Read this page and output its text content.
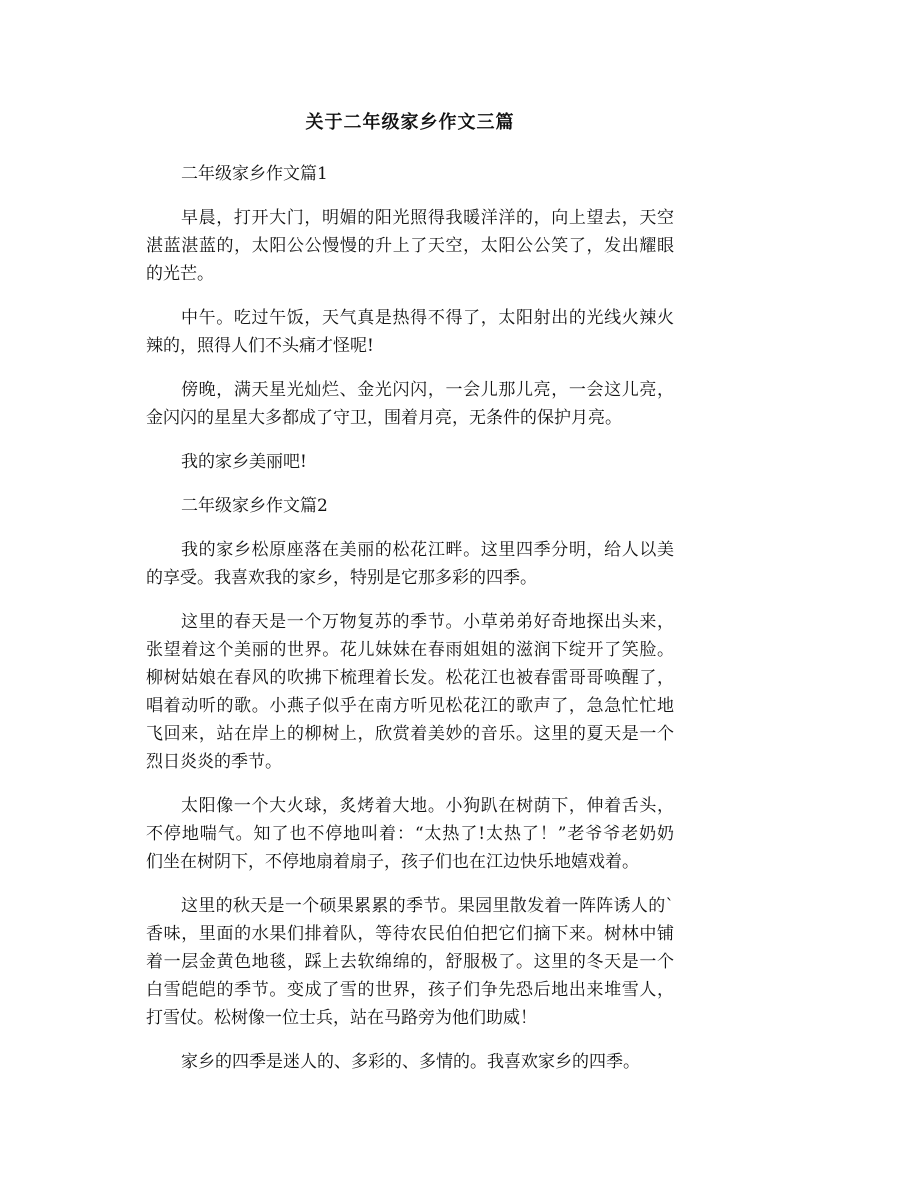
关于二年级家乡作文三篇
二年级家乡作文篇1
早晨，打开大门，明媚的阳光照得我暖洋洋的，向上望去，天空
湛蓝湛蓝的，太阳公公慢慢的升上了天空，太阳公公笑了，发出耀眼
的光芒。
中午。吃过午饭，天气真是热得不得了，太阳射出的光线火辣火
辣的，照得人们不头痛才怪呢!
傍晚，满天星光灿烂、金光闪闪，一会儿那儿亮，一会这儿亮，
金闪闪的星星大多都成了守卫，围着月亮，无条件的保护月亮。
我的家乡美丽吧!
二年级家乡作文篇2
我的家乡松原座落在美丽的松花江畔。这里四季分明，给人以美
的享受。我喜欢我的家乡，特别是它那多彩的四季。
这里的春天是一个万物复苏的季节。小草弟弟好奇地探出头来，
张望着这个美丽的世界。花儿妹妹在春雨姐姐的滋润下绽开了笑脸。
柳树姑娘在春风的吹拂下梳理着长发。松花江也被春雷哥哥唤醒了，
唱着动听的歌。小燕子似乎在南方听见松花江的歌声了，急急忙忙地
飞回来，站在岸上的柳树上，欣赏着美妙的音乐。这里的夏天是一个
烈日炎炎的季节。
太阳像一个大火球，炙烤着大地。小狗趴在树荫下，伸着舌头，
不停地喘气。知了也不停地叫着：“太热了!太热了！”老爷爷老奶奶
们坐在树阴下，不停地扇着扇子，孩子们也在江边快乐地嬉戏着。
这里的秋天是一个硕果累累的季节。果园里散发着一阵阵诱人的`
香味，里面的水果们排着队，等待农民伯伯把它们摘下来。树林中铺
着一层金黄色地毯，踩上去软绵绵的，舒服极了。这里的冬天是一个
白雪皑皑的季节。变成了雪的世界，孩子们争先恐后地出来堆雪人，
打雪仗。松树像一位士兵，站在马路旁为他们助威！
家乡的四季是迷人的、多彩的、多情的。我喜欢家乡的四季。
